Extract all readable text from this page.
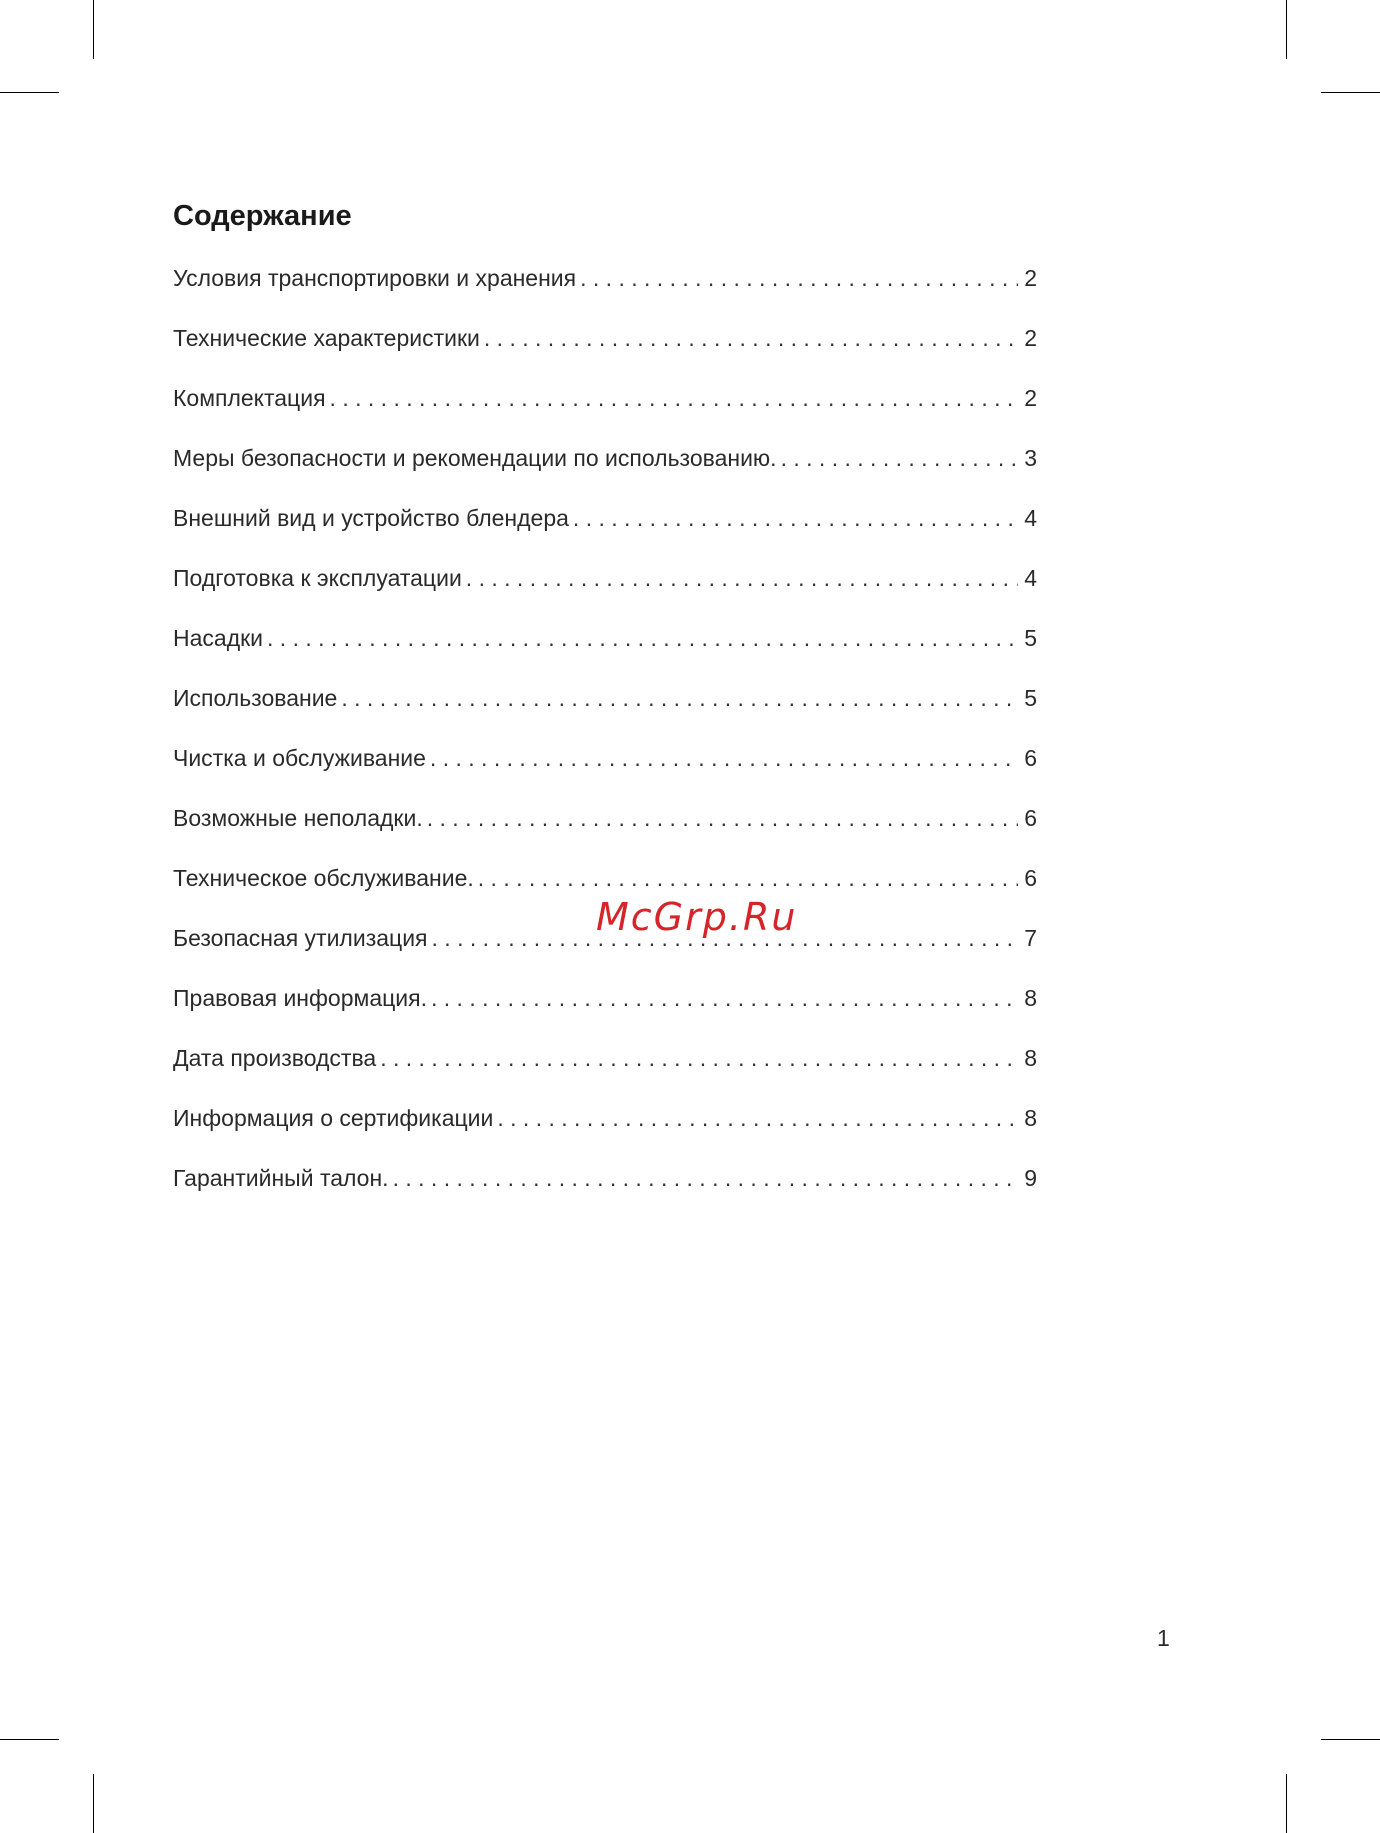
Содержание
Условия транспортировки и хранения . . .	2
Технические характеристики . . .	2
Комплектация . . .	2
Меры безопасности и рекомендации по использованию. . . .	3
Внешний вид и устройство блендера . . .	4
Подготовка к эксплуатации . . .	4
Насадки . . .	5
Использование . . .	5
Чистка и обслуживание . . .	6
Возможные неполадки. . . .	6
Техническое обслуживание. . . .	6
Безопасная утилизация . . .	7
Правовая информация. . . .	8
Дата производства . . .	8
Информация о сертификации . . .	8
Гарантийный талон. . . .	9
McGrp.Ru
1
